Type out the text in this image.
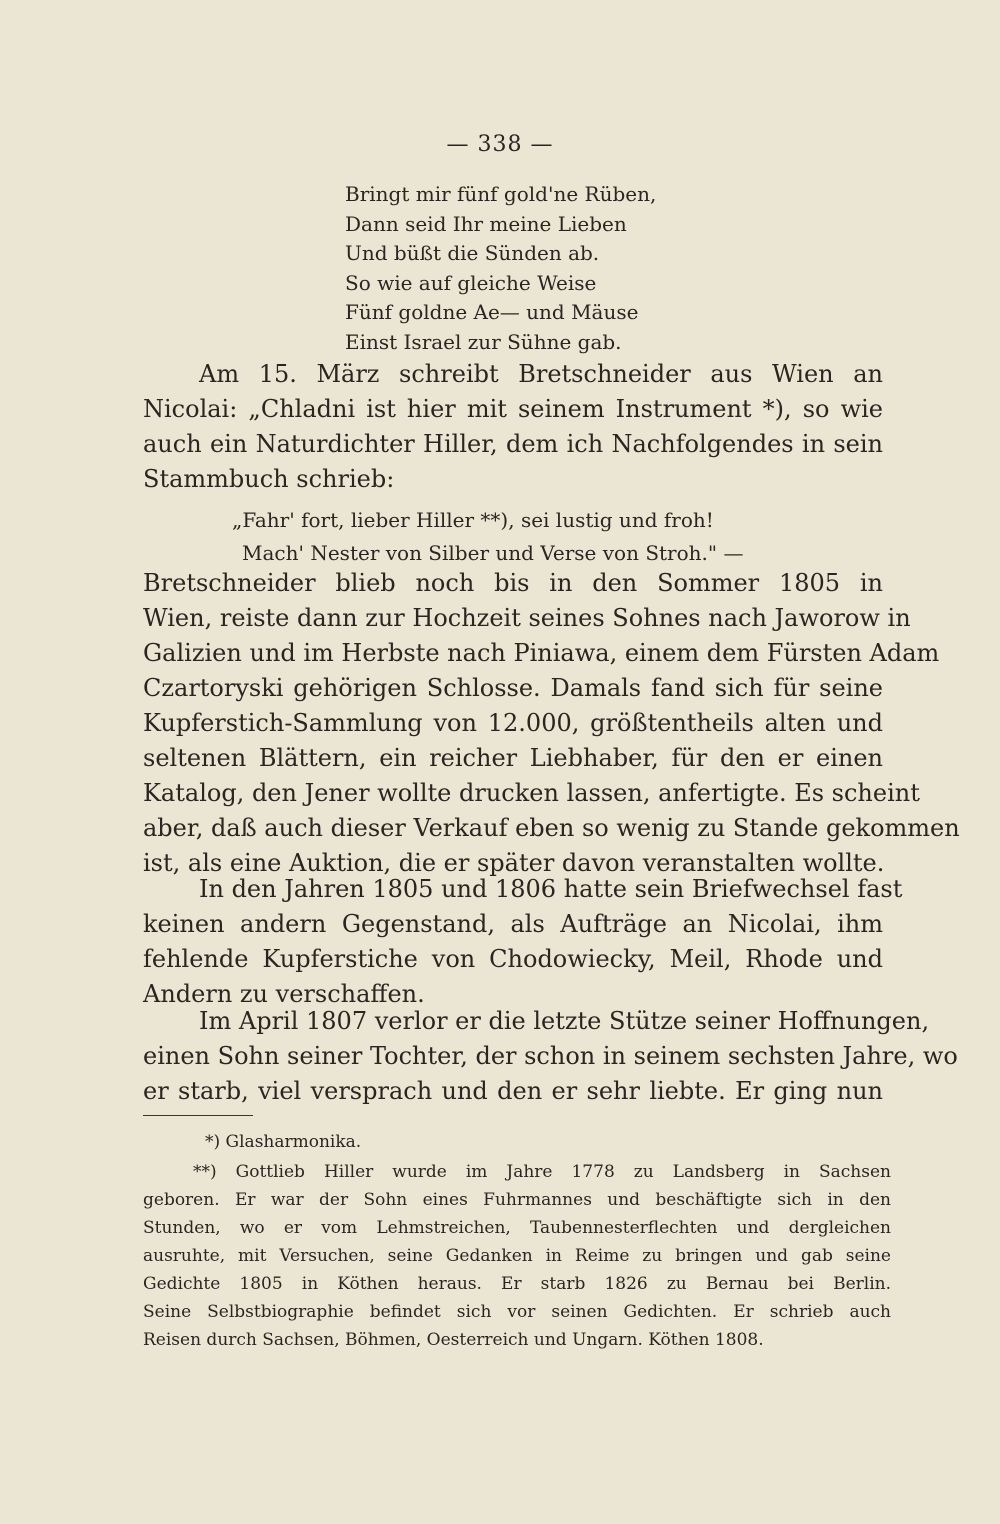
— 338 —
Bringt mir fünf gold'ne Rüben,
Dann seid Ihr meine Lieben
Und büßt die Sünden ab.
So wie auf gleiche Weise
Fünf goldne Ae— und Mäuse
Einst Israel zur Sühne gab.
Am 15. März schreibt Bretschneider aus Wien an
Nicolai: „Chladni ist hier mit seinem Instrument *), so wie
auch ein Naturdichter Hiller, dem ich Nachfolgendes in sein
Stammbuch schrieb:
„Fahr' fort, lieber Hiller **), sei lustig und froh!
Mach' Nester von Silber und Verse von Stroh." —
Bretschneider blieb noch bis in den Sommer 1805 in
Wien, reiste dann zur Hochzeit seines Sohnes nach Jaworow in
Galizien und im Herbste nach Piniawa, einem dem Fürsten Adam
Czartoryski gehörigen Schlosse. Damals fand sich für seine
Kupferstich-Sammlung von 12.000, größtentheils alten und
seltenen Blättern, ein reicher Liebhaber, für den er einen
Katalog, den Jener wollte drucken lassen, anfertigte. Es scheint
aber, daß auch dieser Verkauf eben so wenig zu Stande gekommen
ist, als eine Auktion, die er später davon veranstalten wollte.
In den Jahren 1805 und 1806 hatte sein Briefwechsel fast
keinen andern Gegenstand, als Aufträge an Nicolai, ihm
fehlende Kupferstiche von Chodowiecky, Meil, Rhode und
Andern zu verschaffen.
Im April 1807 verlor er die letzte Stütze seiner Hoffnungen,
einen Sohn seiner Tochter, der schon in seinem sechsten Jahre, wo
er starb, viel versprach und den er sehr liebte. Er ging nun
*) Glasharmonika.
**) Gottlieb Hiller wurde im Jahre 1778 zu Landsberg in Sachsen
geboren. Er war der Sohn eines Fuhrmannes und beschäftigte sich in den
Stunden, wo er vom Lehmstreichen, Taubennesterflechten und dergleichen
ausruhte, mit Versuchen, seine Gedanken in Reime zu bringen und gab seine
Gedichte 1805 in Köthen heraus. Er starb 1826 zu Bernau bei Berlin.
Seine Selbstbiographie befindet sich vor seinen Gedichten. Er schrieb auch
Reisen durch Sachsen, Böhmen, Oesterreich und Ungarn. Köthen 1808.
